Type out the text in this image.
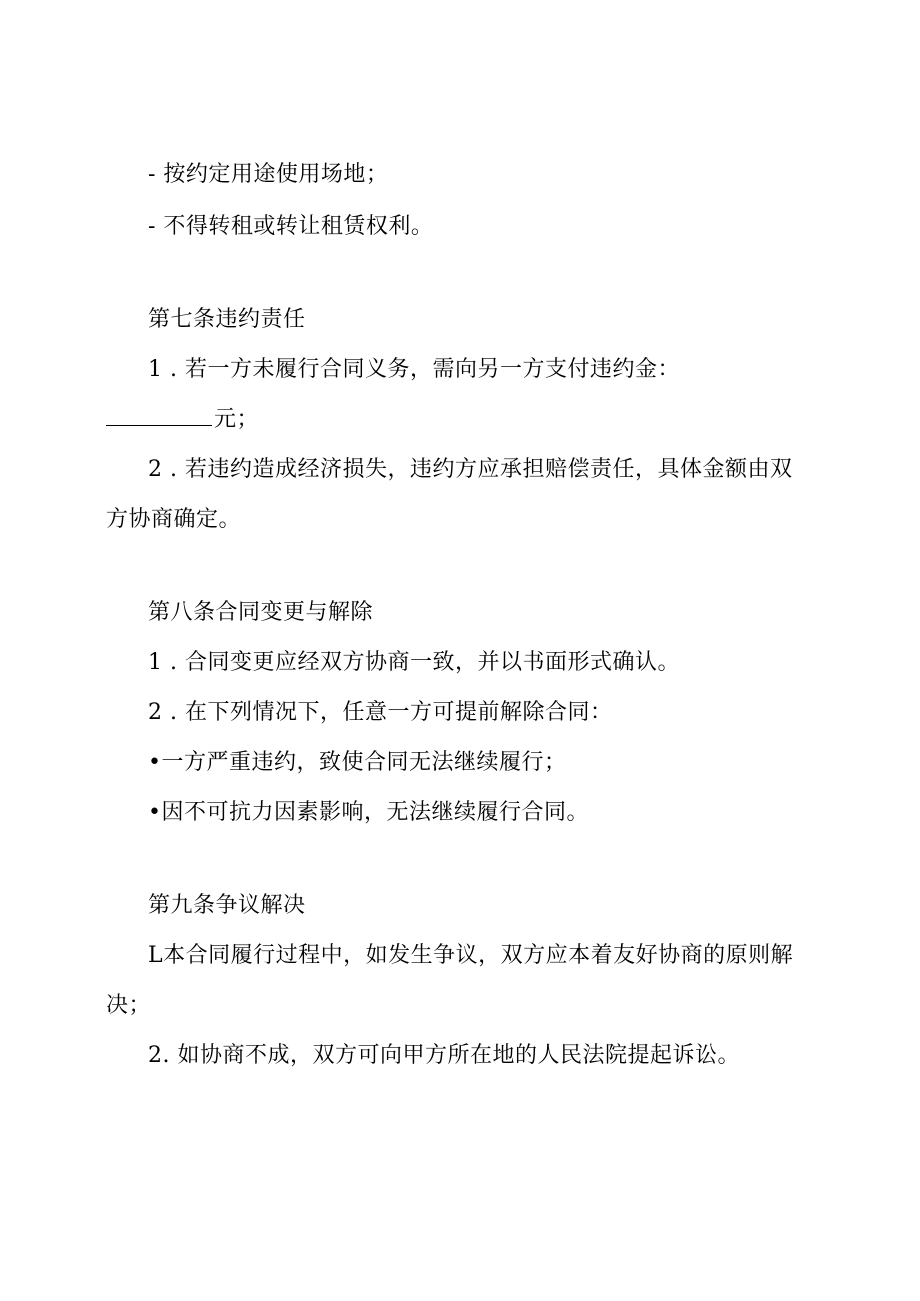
- 按约定用途使用场地；
- 不得转租或转让租赁权利。
第七条违约责任
1 . 若一方未履行合同义务，需向另一方支付违约金：
元；
2 . 若违约造成经济损失，违约方应承担赔偿责任，具体金额由双
方协商确定。
第八条合同变更与解除
1 . 合同变更应经双方协商一致，并以书面形式确认。
2 . 在下列情况下，任意一方可提前解除合同：
•一方严重违约，致使合同无法继续履行；
•因不可抗力因素影响，无法继续履行合同。
第九条争议解决
L本合同履行过程中，如发生争议，双方应本着友好协商的原则解
决；
2. 如协商不成，双方可向甲方所在地的人民法院提起诉讼。
